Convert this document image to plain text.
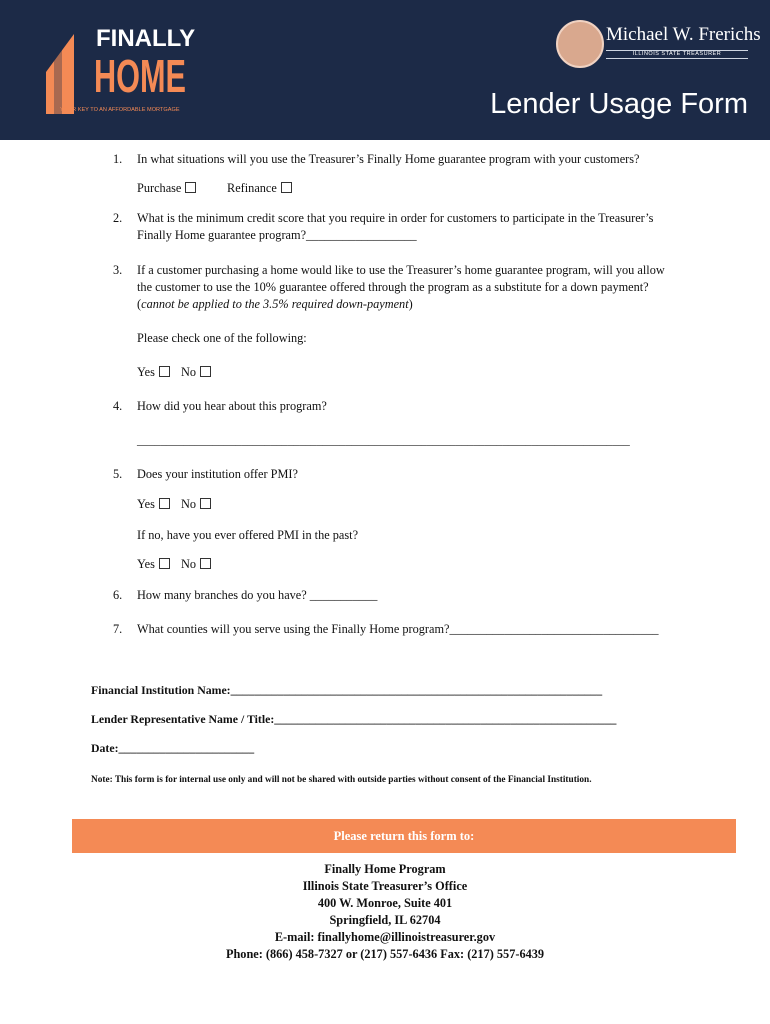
FINALLY
HOME
YOUR KEY TO AN AFFORDABLE MORTGAGE
Michael W. Frerichs
ILLINOIS STATE TREASURER
Lender Usage Form
1. In what situations will you use the Treasurer’s Finally Home guarantee program with your customers?
Purchase	Refinance
2. What is the minimum credit score that you require in order for customers to participate in the Treasurer’s
Finally Home guarantee program?__________________
3. If a customer purchasing a home would like to use the Treasurer’s home guarantee program, will you allow
the customer to use the 10% guarantee offered through the program as a substitute for a down payment?
(cannot be applied to the 3.5% required down-payment)
Please check one of the following:
Yes	No
4. How did you hear about this program?
_____________________________________________________________________________________
5. Does your institution offer PMI?
Yes	No
If no, have you ever offered PMI in the past?
Yes	No
6. How many branches do you have? ___________
7. What counties will you serve using the Finally Home program?__________________________________
Financial Institution Name:_______________________________________________________________
Lender Representative Name / Title:__________________________________________________________
Date:_______________________
Note: This form is for internal use only and will not be shared with outside parties without consent of the Financial Institution.
Please return this form to:
Finally Home Program
Illinois State Treasurer’s Office
400 W. Monroe, Suite 401
Springfield, IL 62704
E-mail: finallyhome@illinoistreasurer.gov
Phone: (866) 458-7327 or (217) 557-6436 Fax: (217) 557-6439
